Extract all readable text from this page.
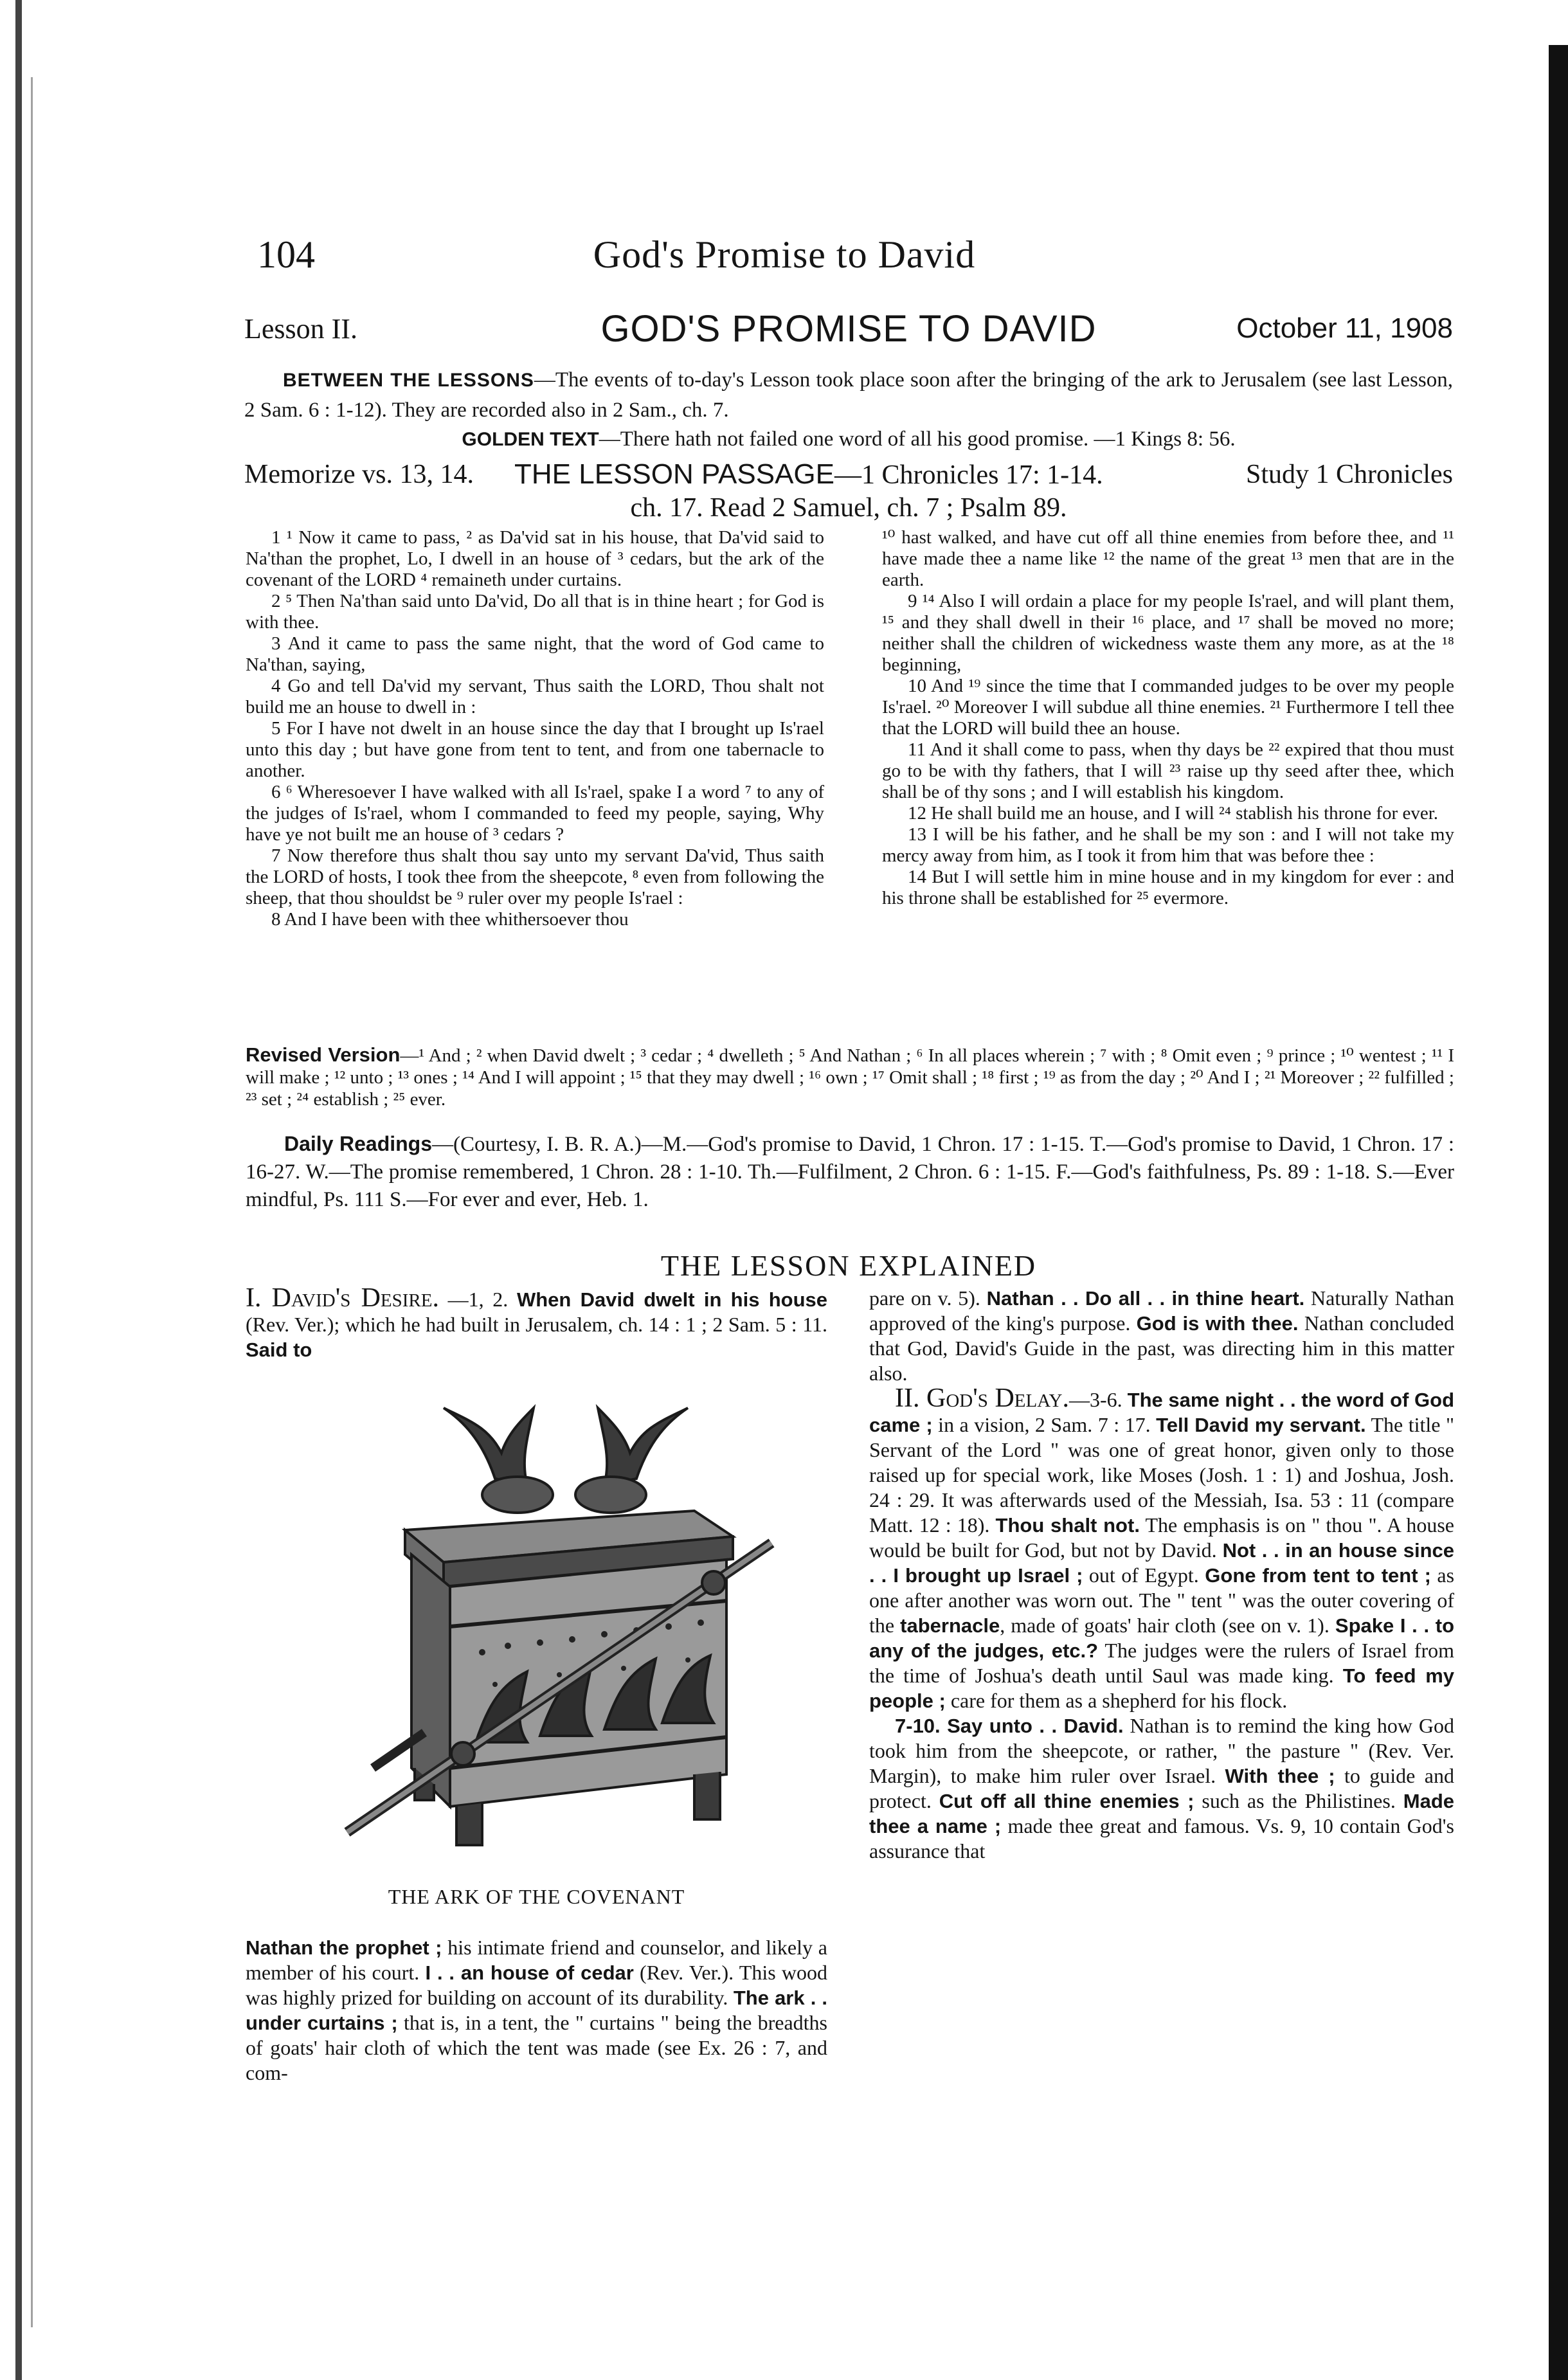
104	God's Promise to David
Lesson II.	GOD'S PROMISE TO DAVID	October 11, 1908
BETWEEN THE LESSONS—The events of to-day's Lesson took place soon after the bringing of the ark to Jerusalem (see last Lesson, 2 Sam. 6 : 1-12). They are recorded also in 2 Sam., ch. 7.
GOLDEN TEXT—There hath not failed one word of all his good promise. —1 Kings 8: 56.
Memorize vs. 13, 14. THE LESSON PASSAGE—1 Chronicles 17: 1-14.	Study 1 Chronicles
ch. 17. Read 2 Samuel, ch. 7 ; Psalm 89.

1 ¹ Now it came to pass, ² as Da'vid sat in his house, that Da'vid said to Na'than the prophet, Lo, I dwell in an house of ³ cedars, but the ark of the covenant of the LORD ⁴ remaineth under curtains.

2 ⁵ Then Na'than said unto Da'vid, Do all that is in thine heart ; for God is with thee.

3 And it came to pass the same night, that the word of God came to Na'than, saying,

4 Go and tell Da'vid my servant, Thus saith the LORD, Thou shalt not build me an house to dwell in :

5 For I have not dwelt in an house since the day that I brought up Is'rael unto this day ; but have gone from tent to tent, and from one tabernacle to another.

6 ⁶ Wheresoever I have walked with all Is'rael, spake I a word ⁷ to any of the judges of Is'rael, whom I commanded to feed my people, saying, Why have ye not built me an house of ³ cedars ?

7 Now therefore thus shalt thou say unto my servant Da'vid, Thus saith the LORD of hosts, I took thee from the sheepcote, ⁸ even from following the sheep, that thou shouldst be ⁹ ruler over my people Is'rael :

8 And I have been with thee whithersoever thou

¹⁰ hast walked, and have cut off all thine enemies from before thee, and ¹¹ have made thee a name like ¹² the name of the great ¹³ men that are in the earth.

9 ¹⁴ Also I will ordain a place for my people Is'rael, and will plant them, ¹⁵ and they shall dwell in their ¹⁶ place, and ¹⁷ shall be moved no more; neither shall the children of wickedness waste them any more, as at the ¹⁸ beginning,

10 And ¹⁹ since the time that I commanded judges to be over my people Is'rael. ²⁰ Moreover I will subdue all thine enemies. ²¹ Furthermore I tell thee that the LORD will build thee an house.

11 And it shall come to pass, when thy days be ²² expired that thou must go to be with thy fathers, that I will ²³ raise up thy seed after thee, which shall be of thy sons ; and I will establish his kingdom.

12 He shall build me an house, and I will ²⁴ stablish his throne for ever.

13 I will be his father, and he shall be my son : and I will not take my mercy away from him, as I took it from him that was before thee :

14 But I will settle him in mine house and in my kingdom for ever : and his throne shall be established for ²⁵ evermore.

Revised Version—¹ And ; ² when David dwelt ; ³ cedar ; ⁴ dwelleth ; ⁵ And Nathan ; ⁶ In all places wherein ; ⁷ with ; ⁸ Omit even ; ⁹ prince ; ¹⁰ wentest ; ¹¹ I will make ; ¹² unto ; ¹³ ones ; ¹⁴ And I will appoint ; ¹⁵ that they may dwell ; ¹⁶ own ; ¹⁷ Omit shall ; ¹⁸ first ; ¹⁹ as from the day ; ²⁰ And I ; ²¹ Moreover ; ²² fulfilled ; ²³ set ; ²⁴ establish ; ²⁵ ever.
Daily Readings—(Courtesy, I. B. R. A.)—M.—God's promise to David, 1 Chron. 17 : 1-15. T.—God's promise to David, 1 Chron. 17 : 16-27. W.—The promise remembered, 1 Chron. 28 : 1-10. Th.—Fulfilment, 2 Chron. 6 : 1-15. F.—God's faithfulness, Ps. 89 : 1-18. S.—Ever mindful, Ps. 111 S.—For ever and ever, Heb. 1.
THE LESSON EXPLAINED

I. David's Desire. —1, 2. When David dwelt in his house (Rev. Ver.); which he had built in Jerusalem, ch. 14 : 1 ; 2 Sam. 5 : 11. Said to

THE ARK OF THE COVENANT

Nathan the prophet ; his intimate friend and counselor, and likely a member of his court. I . . an house of cedar (Rev. Ver.). This wood was highly prized for building on account of its durability. The ark . . under curtains ; that is, in a tent, the " curtains " being the breadths of goats' hair cloth of which the tent was made (see Ex. 26 : 7, and com-

pare on v. 5). Nathan . . Do all . . in thine heart. Naturally Nathan approved of the king's purpose. God is with thee. Nathan concluded that God, David's Guide in the past, was directing him in this matter also.

II. God's Delay.—3-6. The same night . . the word of God came ; in a vision, 2 Sam. 7 : 17. Tell David my servant. The title " Servant of the Lord " was one of great honor, given only to those raised up for special work, like Moses (Josh. 1 : 1) and Joshua, Josh. 24 : 29. It was afterwards used of the Messiah, Isa. 53 : 11 (compare Matt. 12 : 18). Thou shalt not. The emphasis is on " thou ". A house would be built for God, but not by David. Not . . in an house since . . I brought up Israel ; out of Egypt. Gone from tent to tent ; as one after another was worn out. The " tent " was the outer covering of the tabernacle, made of goats' hair cloth (see on v. 1). Spake I . . to any of the judges, etc.? The judges were the rulers of Israel from the time of Joshua's death until Saul was made king. To feed my people ; care for them as a shepherd for his flock.

7-10. Say unto . . David. Nathan is to remind the king how God took him from the sheepcote, or rather, " the pasture " (Rev. Ver. Margin), to make him ruler over Israel. With thee ; to guide and protect. Cut off all thine enemies ; such as the Philistines. Made thee a name ; made thee great and famous. Vs. 9, 10 contain God's assurance that
